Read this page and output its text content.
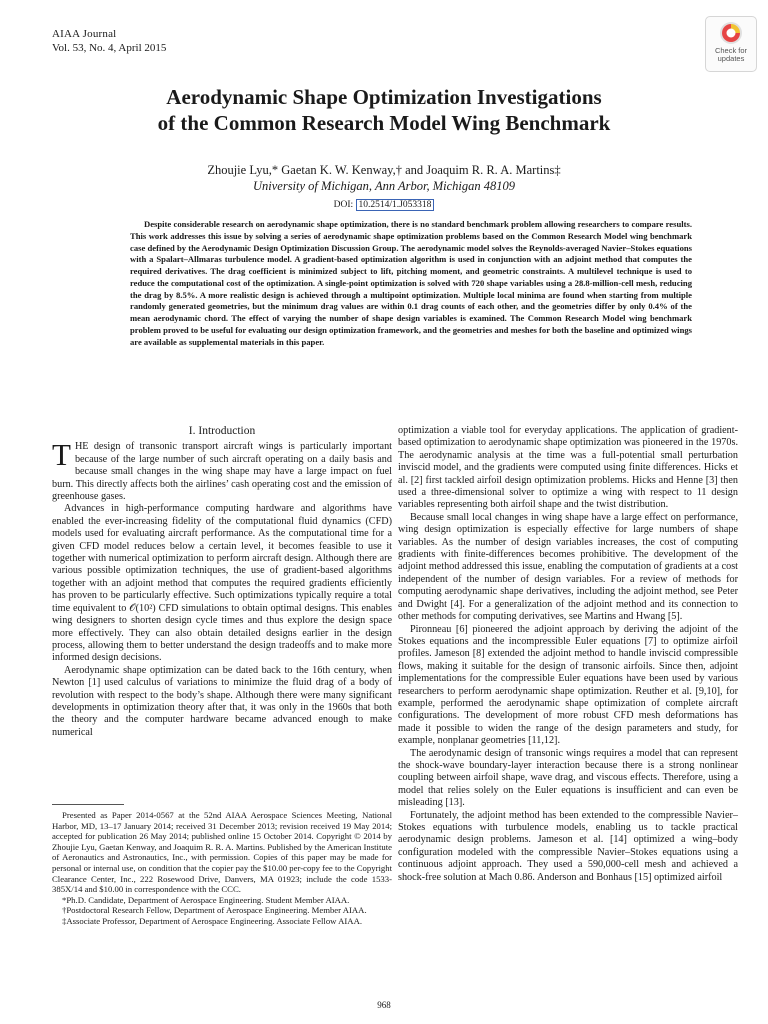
AIAA Journal
Vol. 53, No. 4, April 2015	Check for
updates
Aerodynamic Shape Optimization Investigations
of the Common Research Model Wing Benchmark
Zhoujie Lyu,* Gaetan K. W. Kenway,† and Joaquim R. R. A. Martins‡
University of Michigan, Ann Arbor, Michigan 48109
DOI: 10.2514/1.J053318

Despite considerable research on aerodynamic shape optimization, there is no standard benchmark problem allowing researchers to compare results. This work addresses this issue by solving a series of aerodynamic shape optimization problems based on the Common Research Model wing benchmark case defined by the Aerodynamic Design Optimization Discussion Group. The aerodynamic model solves the Reynolds-averaged Navier–Stokes equations with a Spalart–Allmaras turbulence model. A gradient-based optimization algorithm is used in conjunction with an adjoint method that computes the required derivatives. The drag coefficient is minimized subject to lift, pitching moment, and geometric constraints. A multilevel technique is used to reduce the computational cost of the optimization. A single-point optimization is solved with 720 shape variables using a 28.8-million-cell mesh, reducing the drag by 8.5%. A more realistic design is achieved through a multipoint optimization. Multiple local minima are found when starting from multiple randomly generated geometries, but the minimum drag values are within 0.1 drag counts of each other, and the geometries differ by only 0.4% of the mean aerodynamic chord. The effect of varying the number of shape design variables is examined. The Common Research Model wing benchmark problem proved to be useful for evaluating our design optimization framework, and the geometries and meshes for both the baseline and optimized wings are available as supplemental materials in this paper.

I. Introduction

THE design of transonic transport aircraft wings is particularly important because of the large number of such aircraft operating on a daily basis and because small changes in the wing shape may have a large impact on fuel burn. This directly affects both the airlines’ cash operating cost and the emission of greenhouse gases.

Advances in high-performance computing hardware and algorithms have enabled the ever-increasing fidelity of the computational fluid dynamics (CFD) models used for evaluating aircraft performance. As the computational time for a given CFD model reduces below a certain level, it becomes feasible to use it together with numerical optimization to perform aircraft design. Although there are various possible optimization techniques, the use of gradient-based algorithms together with an adjoint method that computes the required gradients efficiently has proven to be particularly effective. Such optimizations typically require a total time equivalent to 𝒪(10²) CFD simulations to obtain optimal designs. This enables wing designers to shorten design cycle times and thus explore the design space more effectively. They can also obtain detailed designs earlier in the design process, allowing them to better understand the design tradeoffs and to make more informed design decisions.

Aerodynamic shape optimization can be dated back to the 16th century, when Newton [1] used calculus of variations to minimize the fluid drag of a body of revolution with respect to the body’s shape. Although there were many significant developments in optimization theory after that, it was only in the 1960s that both the theory and the computer hardware became advanced enough to make numerical

Presented as Paper 2014-0567 at the 52nd AIAA Aerospace Sciences Meeting, National Harbor, MD, 13–17 January 2014; received 31 December 2013; revision received 19 May 2014; accepted for publication 26 May 2014; published online 15 October 2014. Copyright © 2014 by Zhoujie Lyu, Gaetan Kenway, and Joaquim R. R. A. Martins. Published by the American Institute of Aeronautics and Astronautics, Inc., with permission. Copies of this paper may be made for personal or internal use, on condition that the copier pay the $10.00 per-copy fee to the Copyright Clearance Center, Inc., 222 Rosewood Drive, Danvers, MA 01923; include the code 1533-385X/14 and $10.00 in correspondence with the CCC.

*Ph.D. Candidate, Department of Aerospace Engineering. Student Member AIAA.

†Postdoctoral Research Fellow, Department of Aerospace Engineering. Member AIAA.

‡Associate Professor, Department of Aerospace Engineering. Associate Fellow AIAA.

optimization a viable tool for everyday applications. The application of gradient-based optimization to aerodynamic shape optimization was pioneered in the 1970s. The aerodynamic analysis at the time was a full-potential small perturbation inviscid model, and the gradients were computed using finite differences. Hicks et al. [2] first tackled airfoil design optimization problems. Hicks and Henne [3] then used a three-dimensional solver to optimize a wing with respect to 11 design variables representing both airfoil shape and the twist distribution.

Because small local changes in wing shape have a large effect on performance, wing design optimization is especially effective for large numbers of shape variables. As the number of design variables increases, the cost of computing gradients with finite-differences becomes prohibitive. The development of the adjoint method addressed this issue, enabling the computation of gradients at a cost independent of the number of design variables. For a review of methods for computing aerodynamic shape derivatives, including the adjoint method, see Peter and Dwight [4]. For a generalization of the adjoint method and its connection to other methods for computing derivatives, see Martins and Hwang [5].

Pironneau [6] pioneered the adjoint approach by deriving the adjoint of the Stokes equations and the incompressible Euler equations [7] to optimize airfoil profiles. Jameson [8] extended the adjoint method to handle inviscid compressible flows, making it suitable for the design of transonic airfoils. Since then, adjoint implementations for the compressible Euler equations have been used by various researchers to perform aerodynamic shape optimization. Reuther et al. [9,10], for example, performed the aerodynamic shape optimization of complete aircraft configurations. The development of more robust CFD mesh deformations has made it possible to widen the range of the design parameters and study, for example, nonplanar geometries [11,12].

The aerodynamic design of transonic wings requires a model that can represent the shock-wave boundary-layer interaction because there is a strong nonlinear coupling between airfoil shape, wave drag, and viscous effects. Therefore, using a model that relies solely on the Euler equations is insufficient and can even be misleading [13].

Fortunately, the adjoint method has been extended to the compressible Navier–Stokes equations with turbulence models, enabling us to tackle practical aerodynamic design problems. Jameson et al. [14] optimized a wing–body configuration modeled with the compressible Navier–Stokes equations using a continuous adjoint approach. They used a 590,000-cell mesh and achieved a shock-free solution at Mach 0.86. Anderson and Bonhaus [15] optimized airfoil

968
